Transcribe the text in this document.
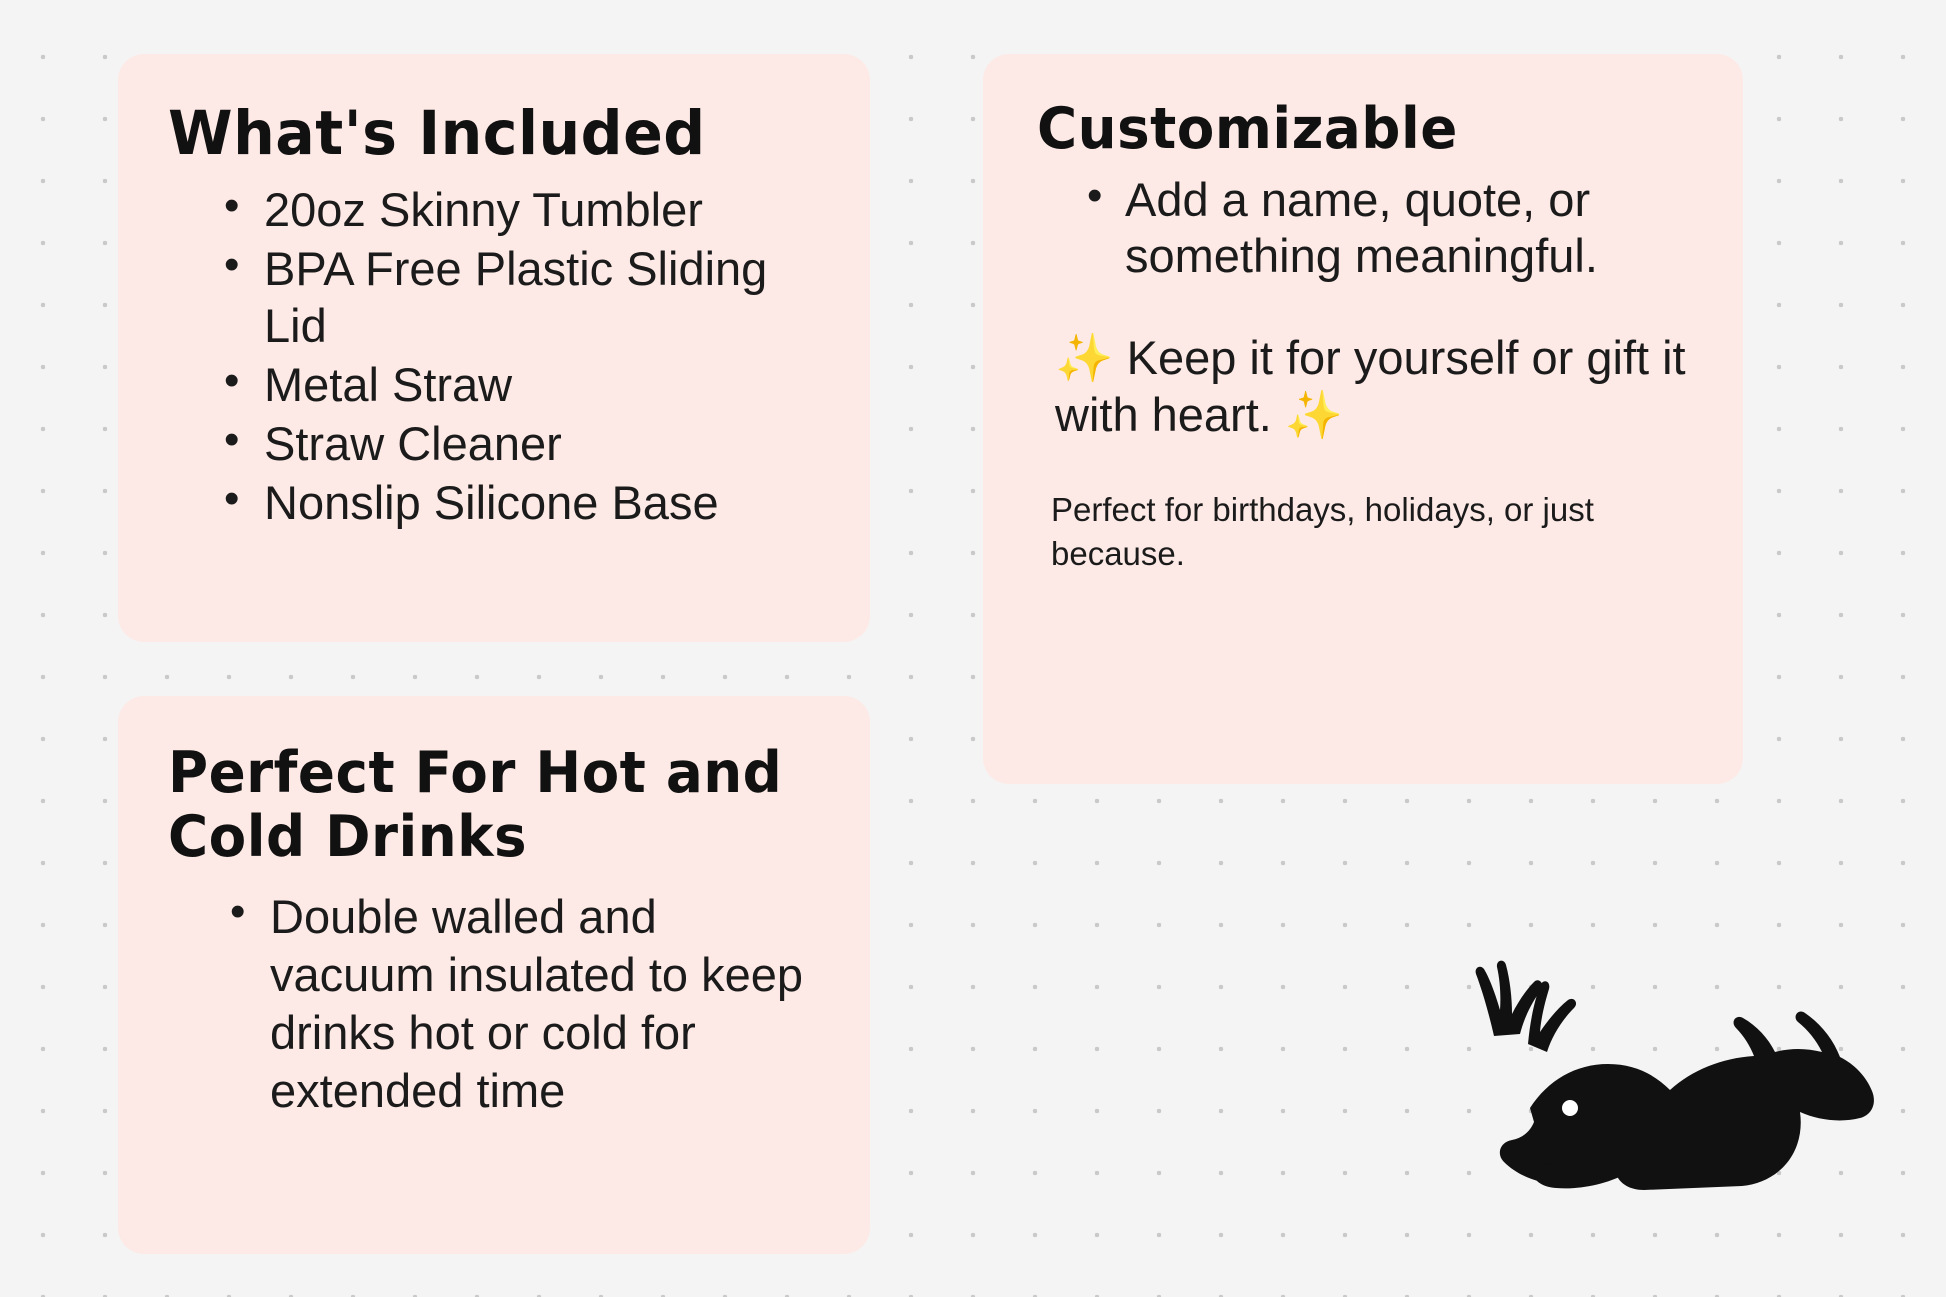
What's Included
• 20oz Skinny Tumbler
• BPA Free Plastic Sliding Lid
• Metal Straw
• Straw Cleaner
• Nonslip Silicone Base
Perfect For Hot and Cold Drinks
• Double walled and vacuum insulated to keep drinks hot or cold for extended time
Customizable
• Add a name, quote, or something meaningful.

✨ Keep it for yourself or gift it with heart. ✨

Perfect for birthdays, holidays, or just because.
